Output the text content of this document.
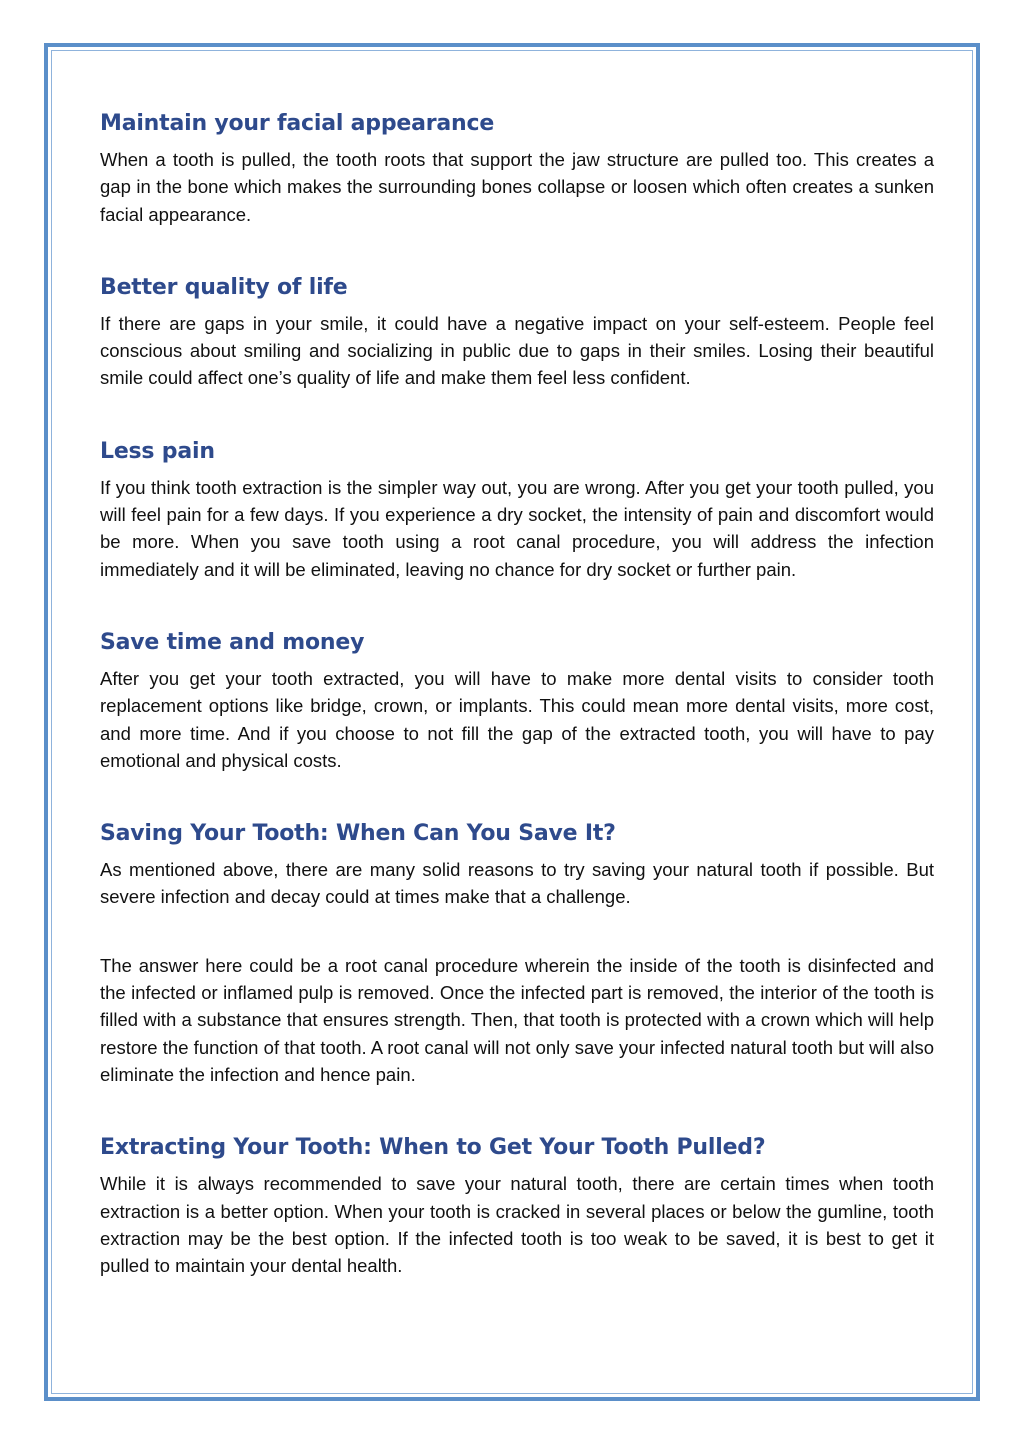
Maintain your facial appearance

When a tooth is pulled, the tooth roots that support the jaw structure are pulled too. This creates a gap in the bone which makes the surrounding bones collapse or loosen which often creates a sunken facial appearance.

Better quality of life

If there are gaps in your smile, it could have a negative impact on your self-esteem. People feel conscious about smiling and socializing in public due to gaps in their smiles. Losing their beautiful smile could affect one’s quality of life and make them feel less confident.

Less pain

If you think tooth extraction is the simpler way out, you are wrong. After you get your tooth pulled, you will feel pain for a few days. If you experience a dry socket, the intensity of pain and discomfort would be more. When you save tooth using a root canal procedure, you will address the infection immediately and it will be eliminated, leaving no chance for dry socket or further pain.

Save time and money

After you get your tooth extracted, you will have to make more dental visits to consider tooth replacement options like bridge, crown, or implants. This could mean more dental visits, more cost, and more time. And if you choose to not fill the gap of the extracted tooth, you will have to pay emotional and physical costs.

Saving Your Tooth: When Can You Save It?

As mentioned above, there are many solid reasons to try saving your natural tooth if possible. But severe infection and decay could at times make that a challenge.

The answer here could be a root canal procedure wherein the inside of the tooth is disinfected and the infected or inflamed pulp is removed. Once the infected part is removed, the interior of the tooth is filled with a substance that ensures strength. Then, that tooth is protected with a crown which will help restore the function of that tooth. A root canal will not only save your infected natural tooth but will also eliminate the infection and hence pain.

Extracting Your Tooth: When to Get Your Tooth Pulled?

While it is always recommended to save your natural tooth, there are certain times when tooth extraction is a better option. When your tooth is cracked in several places or below the gumline, tooth extraction may be the best option. If the infected tooth is too weak to be saved, it is best to get it pulled to maintain your dental health.
